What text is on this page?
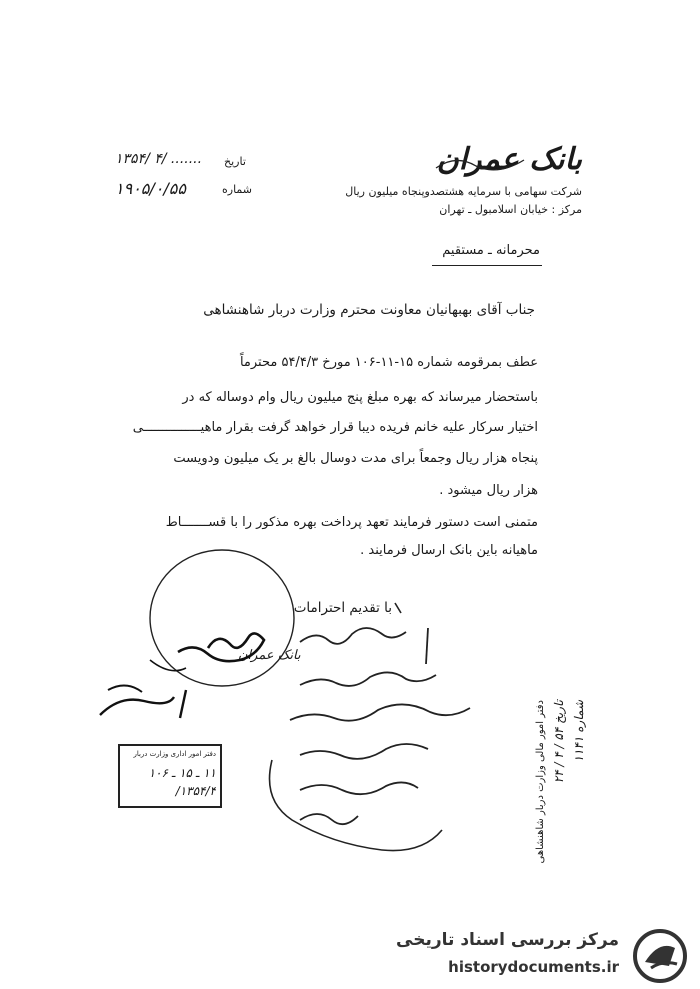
بانک عمران
شرکت سهامی با سرمایه هشتصدوپنجاه میلیون ریال
مرکز : خیابان اسلامبول ـ تهران
تاریخ
۱۳۵۴/ ۴/ .......
شماره
۱۹۰۵/۰/۵۵
محرمانه ـ مستقیم
جناب آقای بهبهانیان معاونت محترم وزارت دربار شاهنشاهی
عطف بمرقومه شماره ۱۵-۱۱-۱۰۶ مورخ ۵۴/۴/۳ محترماً
باستحضار میرساند که بهره مبلغ پنج میلیون ریال وام دوساله که در
اختیار سرکار علیه خانم فریده دیبا قرار خواهد گرفت بقرار ماهیـــــــــــــــی
پنجاه هزار ریال وجمعاً برای مدت دوسال بالغ بر یک میلیون ودویست
هزار ریال میشود .
متمنی است دستور فرمایند تعهد پرداخت بهره مذکور را با قســـــــاط
ماهیانه باین بانک ارسال فرمایند .
با تقدیم احترامات
بانک عمران
دفتر امور اداری وزارت دربار
۱۱ ـ ۱۵ ـ ۱۰۶
۱۳۵۴/۴/	دفتر امور مالی وزارت دربار شاهنشاهی تاریخ ۵۴ / ۴ / ۲۴
شماره ۱۱۴۱
مرکز بررسی اسناد تاریخی
historydocuments.ir
